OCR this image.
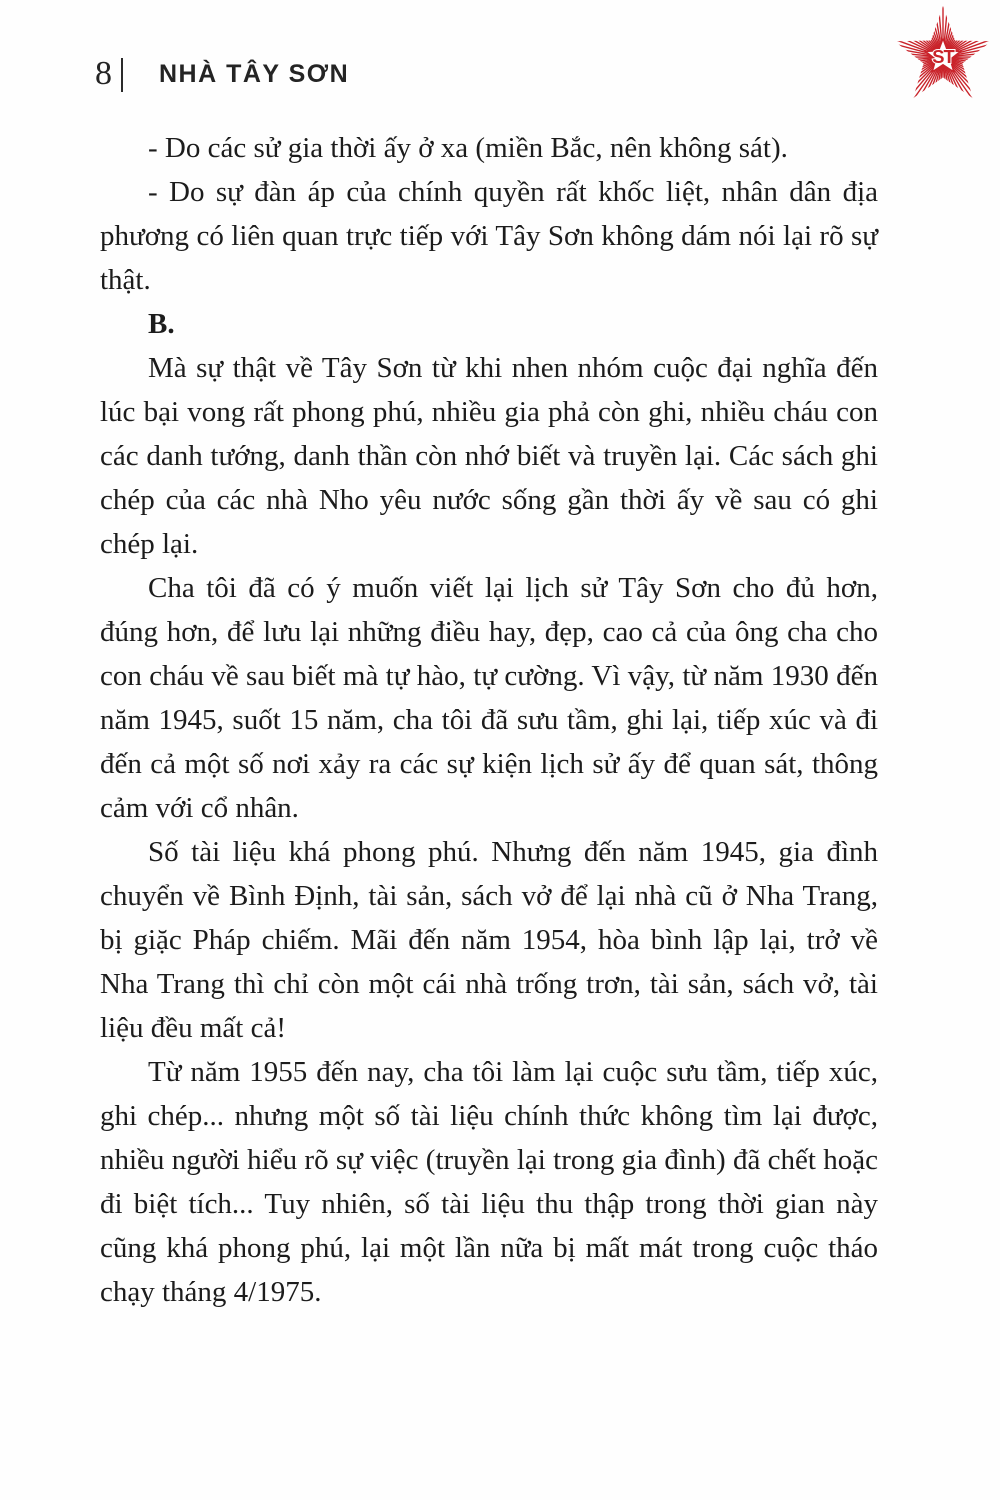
8 NHÀ TÂY SƠN
ST

- Do các sử gia thời ấy ở xa (miền Bắc, nên không sát).

- Do sự đàn áp của chính quyền rất khốc liệt, nhân dân địa phương có liên quan trực tiếp với Tây Sơn không dám nói lại rõ sự thật.

B.

Mà sự thật về Tây Sơn từ khi nhen nhóm cuộc đại nghĩa đến lúc bại vong rất phong phú, nhiều gia phả còn ghi, nhiều cháu con các danh tướng, danh thần còn nhớ biết và truyền lại. Các sách ghi chép của các nhà Nho yêu nước sống gần thời ấy về sau có ghi chép lại.

Cha tôi đã có ý muốn viết lại lịch sử Tây Sơn cho đủ hơn, đúng hơn, để lưu lại những điều hay, đẹp, cao cả của ông cha cho con cháu về sau biết mà tự hào, tự cường. Vì vậy, từ năm 1930 đến năm 1945, suốt 15 năm, cha tôi đã sưu tầm, ghi lại, tiếp xúc và đi đến cả một số nơi xảy ra các sự kiện lịch sử ấy để quan sát, thông cảm với cổ nhân.

Số tài liệu khá phong phú. Nhưng đến năm 1945, gia đình chuyển về Bình Định, tài sản, sách vở để lại nhà cũ ở Nha Trang, bị giặc Pháp chiếm. Mãi đến năm 1954, hòa bình lập lại, trở về Nha Trang thì chỉ còn một cái nhà trống trơn, tài sản, sách vở, tài liệu đều mất cả!

Từ năm 1955 đến nay, cha tôi làm lại cuộc sưu tầm, tiếp xúc, ghi chép... nhưng một số tài liệu chính thức không tìm lại được, nhiều người hiểu rõ sự việc (truyền lại trong gia đình) đã chết hoặc đi biệt tích... Tuy nhiên, số tài liệu thu thập trong thời gian này cũng khá phong phú, lại một lần nữa bị mất mát trong cuộc tháo chạy tháng 4/1975.
